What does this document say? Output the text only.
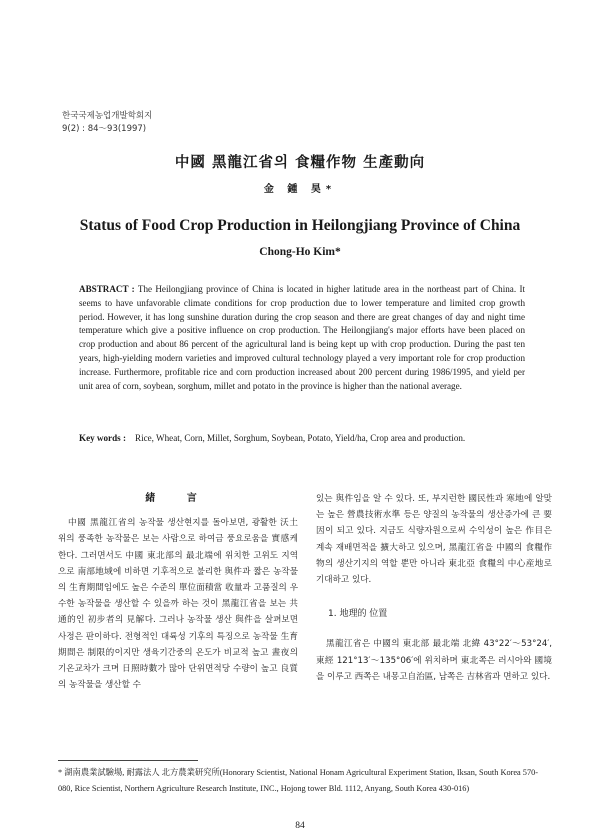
한국국제농업개발학회지
9(2) : 84～93(1997)
中國 黑龍江省의 食糧作物 生產動向
金 鍾 昊*
Status of Food Crop Production in Heilongjiang Province of China
Chong-Ho Kim*
ABSTRACT : The Heilongjiang province of China is located in higher latitude area in the northeast part of China. It seems to have unfavorable climate conditions for crop production due to lower temperature and limited crop growth period. However, it has long sunshine duration during the crop season and there are great changes of day and night time temperature which give a positive influence on crop production. The Heilongjiang's major efforts have been placed on crop production and about 86 percent of the agricultural land is being kept up with crop production. During the past ten years, high-yielding modern varieties and improved cultural technology played a very important role for crop production increase. Furthermore, profitable rice and corn production increased about 200 percent during 1986/1995, and yield per unit area of corn, soybean, sorghum, millet and potato in the province is higher than the national average.
Key words : Rice, Wheat, Corn, Millet, Sorghum, Soybean, Potato, Yield/ha, Crop area and production.
緒 言
中國 黑龍江省의 농작물 생산현지를 돌아보면, 광활한 沃土 위의 풍족한 농작물은 보는 사람으로 하여금 풍요로움을 實感케 한다. 그러면서도 中國 東北部의 最北端에 위치한 고위도 지역으로 南部地域에 비하면 기후적으로 불리한 與件과 짧은 농작물의 生育期間임에도 높은 수준의 單位面積當 收量과 고품질의 우수한 농작물을 생산할 수 있을까 하는 것이 黑龍江省을 보는 共通的인 初步者의 見解다. 그러나 농작물 생산 與件을 살펴보면 사정은 판이하다. 전형적인 대륙성 기후의 특징으로 농작물 生育期間은 制限的이지만 생육기간중의 온도가 비교적 높고 晝夜의 기온교차가 크며 日照時數가 많아 단위면적당 수량이 높고 良質의 농작물을 생산할 수
있는 與件임을 알 수 있다. 또, 부지런한 國民性과 寒地에 알맞는 높은 營農技術水準 등은 양질의 농작물의 생산증가에 큰 要因이 되고 있다. 지금도 식량자원으로써 수익성이 높은 作目은 계속 재배면적을 擴大하고 있으며, 黑龍江省을 中國의 食糧作物의 생산기지의 역할 뿐만 아니라 東北亞 食糧의 中心産地로 기대하고 있다.
1. 地理的 位置
黑龍江省은 中國의 東北部 最北端 北緯 43°22′～53°24′, 東經 121°13′～135°06′에 위치하며 東北쪽은 러시아와 國境을 이루고 西쪽은 내몽고自治區, 남쪽은 吉林省과 면하고 있다.
* 湖南農業試驗場, 耐露法人 北方農業研究所(Honorary Scientist, National Honam Agricultural Experiment Station, Iksan, South Korea 570-080, Rice Scientist, Northern Agriculture Research Institute, INC., Hojong tower Bld. 1112, Anyang, South Korea 430-016)
84
